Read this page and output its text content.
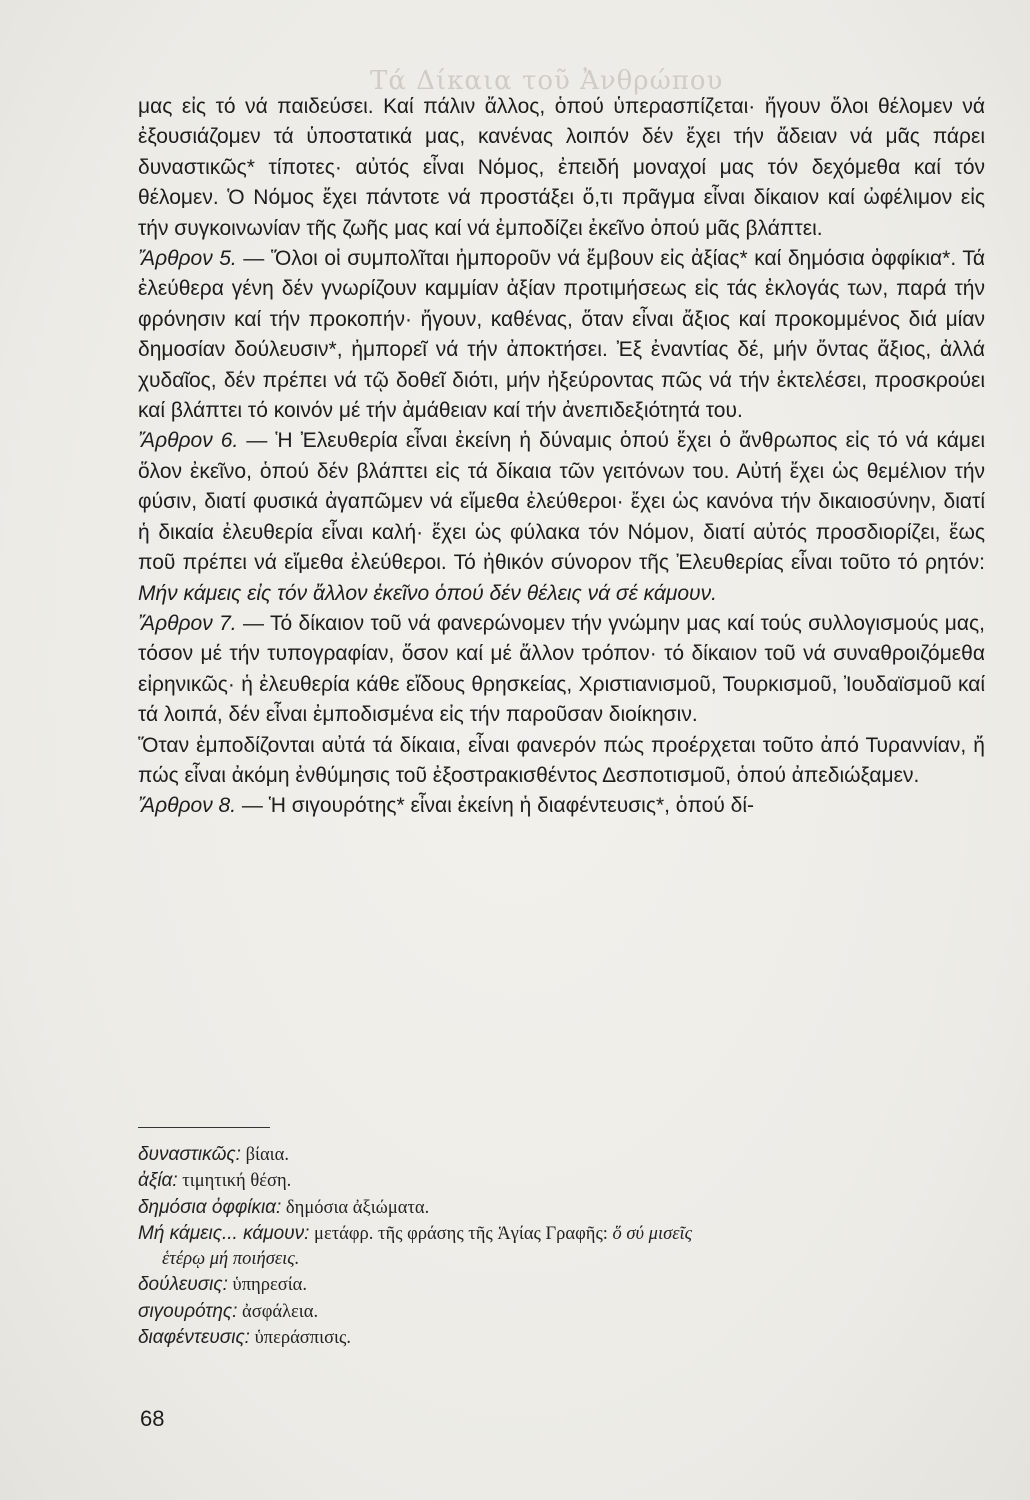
Τά Δίκαια τοῦ Ἀνθρώπου

μας εἰς τό νά παιδεύσει. Καί πάλιν ἄλλος, ὁπού ὑπερασπίζεται· ἤγουν ὅλοι θέλομεν νά ἐξουσιάζομεν τά ὑποστατικά μας, κανένας λοιπόν δέν ἔχει τήν ἄδειαν νά μᾶς πάρει δυναστικῶς* τίποτες· αὐτός εἶναι Νόμος, ἐπειδή μοναχοί μας τόν δεχόμεθα καί τόν θέλομεν. Ὁ Νόμος ἔχει πάντοτε νά προστάξει ὅ,τι πρᾶγμα εἶναι δίκαιον καί ὠφέλιμον εἰς τήν συγκοινωνίαν τῆς ζωῆς μας καί νά ἐμποδίζει ἐκεῖνο ὁπού μᾶς βλάπτει.

Ἄρθρον 5. — Ὅλοι οἱ συμπολῖται ἠμποροῦν νά ἔμβουν εἰς ἀξίας* καί δημόσια ὀφφίκια*. Τά ἐλεύθερα γένη δέν γνωρίζουν καμμίαν ἀξίαν προτιμήσεως εἰς τάς ἐκλογάς των, παρά τήν φρόνησιν καί τήν προκοπήν· ἤγουν, καθένας, ὅταν εἶναι ἄξιος καί προκομμένος διά μίαν δημοσίαν δούλευσιν*, ἠμπορεῖ νά τήν ἀποκτήσει. Ἐξ ἐναντίας δέ, μήν ὄντας ἄξιος, ἀλλά χυδαῖος, δέν πρέπει νά τῷ δοθεῖ διότι, μήν ἠξεύροντας πῶς νά τήν ἐκτελέσει, προσκρούει καί βλάπτει τό κοινόν μέ τήν ἀμάθειαν καί τήν ἀνεπιδεξιότητά του.

Ἄρθρον 6. — Ἡ Ἐλευθερία εἶναι ἐκείνη ἡ δύναμις ὁπού ἔχει ὁ ἄνθρωπος εἰς τό νά κάμει ὅλον ἐκεῖνο, ὁπού δέν βλάπτει εἰς τά δίκαια τῶν γειτόνων του. Αὐτή ἔχει ὡς θεμέλιον τήν φύσιν, διατί φυσικά ἀγαπῶμεν νά εἴμεθα ἐλεύθεροι· ἔχει ὡς κανόνα τήν δικαιοσύνην, διατί ἡ δικαία ἐλευθερία εἶναι καλή· ἔχει ὡς φύλακα τόν Νόμον, διατί αὐτός προσδιορίζει, ἕως ποῦ πρέπει νά εἴμεθα ἐλεύθεροι. Τό ἠθικόν σύνορον τῆς Ἐλευθερίας εἶναι τοῦτο τό ρητόν: Μήν κάμεις εἰς τόν ἄλλον ἐκεῖνο ὁπού δέν θέλεις νά σέ κάμουν.

Ἄρθρον 7. — Τό δίκαιον τοῦ νά φανερώνομεν τήν γνώμην μας καί τούς συλλογισμούς μας, τόσον μέ τήν τυπογραφίαν, ὅσον καί μέ ἄλλον τρόπον· τό δίκαιον τοῦ νά συναθροιζόμεθα εἰρηνικῶς· ἡ ἐλευθερία κάθε εἴδους θρησκείας, Χριστιανισμοῦ, Τουρκισμοῦ, Ἰουδαϊσμοῦ καί τά λοιπά, δέν εἶναι ἐμποδισμένα εἰς τήν παροῦσαν διοίκησιν.

Ὅταν ἐμποδίζονται αὐτά τά δίκαια, εἶναι φανερόν πώς προέρχεται τοῦτο ἀπό Τυραννίαν, ἤ πώς εἶναι ἀκόμη ἐνθύμησις τοῦ ἐξοστρακισθέντος Δεσποτισμοῦ, ὁπού ἀπεδιώξαμεν.

Ἄρθρον 8. — Ἡ σιγουρότης* εἶναι ἐκείνη ἡ διαφέντευσις*, ὁπού δί-

δυναστικῶς: βίαια.

ἀξία: τιμητική θέση.

δημόσια ὀφφίκια: δημόσια ἀξιώματα.

Μή κάμεις... κάμουν: μετάφρ. τῆς φράσης τῆς Ἁγίας Γραφῆς: ὅ σύ μισεῖς

ἑτέρῳ μή ποιήσεις.

δούλευσις: ὑπηρεσία.

σιγουρότης: ἀσφάλεια.

διαφέντευσις: ὑπεράσπισις.

68
